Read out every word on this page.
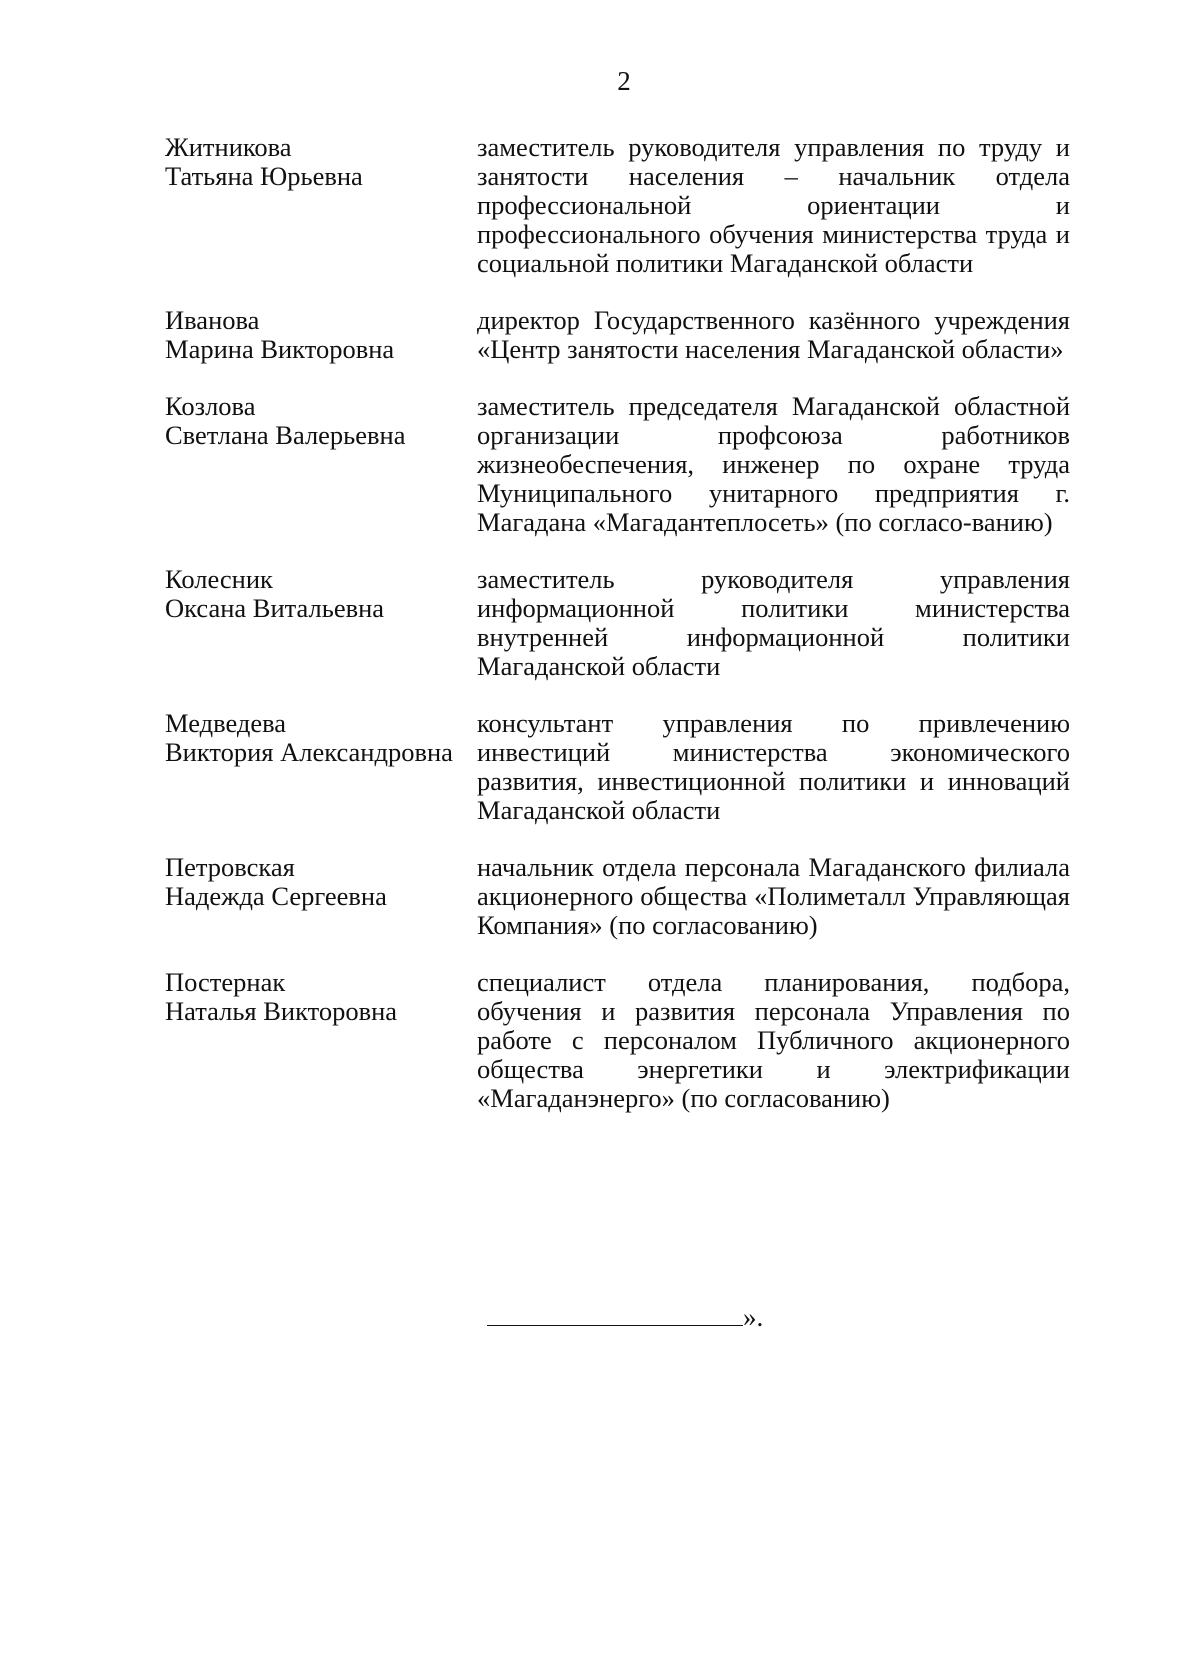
2
Житникова
Татьяна Юрьевна
заместитель руководителя управления по труду и занятости населения – начальник отдела профессиональной ориентации и профессионального обучения министерства труда и социальной политики Магаданской области
Иванова
Марина Викторовна
директор Государственного казённого учреждения «Центр занятости населения Магаданской области»
Козлова
Светлана Валерьевна
заместитель председателя Магаданской областной организации профсоюза работников жизнеобеспечения, инженер по охране труда Муниципального унитарного предприятия г. Магадана «Магадантеплосеть» (по согласо-ванию)
Колесник
Оксана Витальевна
заместитель руководителя управления информационной политики министерства внутренней информационной политики Магаданской области
Медведева
Виктория Александровна
консультант управления по привлечению инвестиций министерства экономического развития, инвестиционной политики и инноваций Магаданской области
Петровская
Надежда Сергеевна
начальник отдела персонала Магаданского филиала акционерного общества «Полиметалл Управляющая Компания» (по согласованию)
Постернак
Наталья Викторовна
специалист отдела планирования, подбора, обучения и развития персонала Управления по работе с персоналом Публичного акционерного общества энергетики и электрификации «Магаданэнерго» (по согласованию)
».
